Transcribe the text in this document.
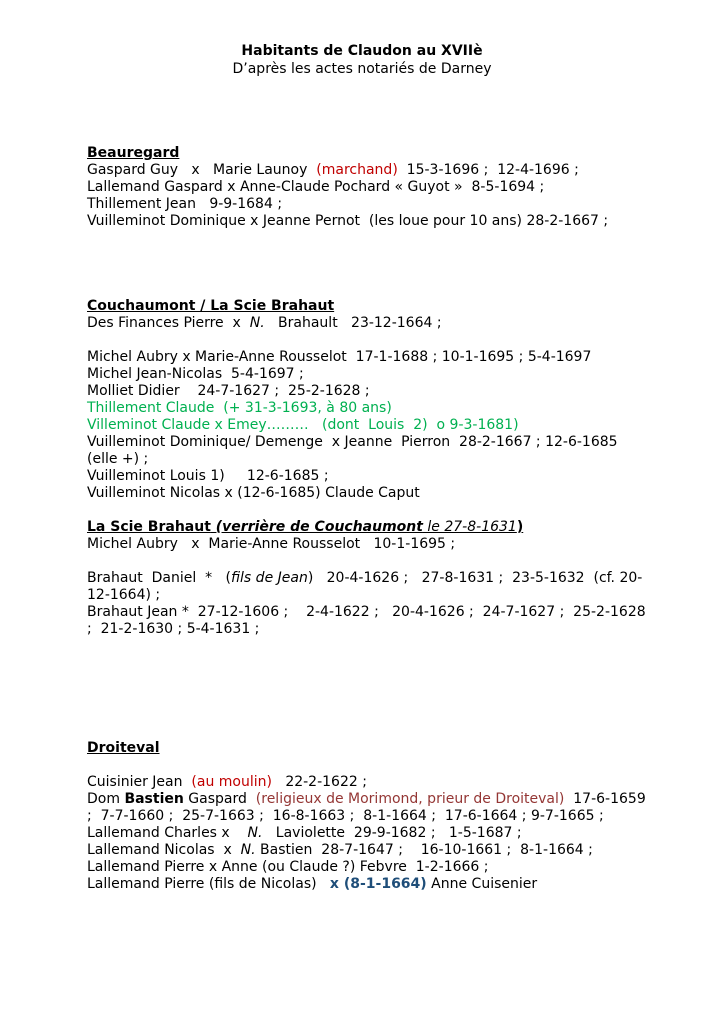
Habitants de Claudon au XVIIè
D’après les actes notariés de Darney

Beauregard

Gaspard Guy   x   Marie Launoy  (marchand)  15-3-1696 ;  12-4-1696 ;

Lallemand Gaspard x Anne-Claude Pochard « Guyot »  8-5-1694 ;

Thillement Jean   9-9-1684 ;

Vuilleminot Dominique x Jeanne Pernot  (les loue pour 10 ans) 28-2-1667 ;

Couchaumont / La Scie Brahaut

Des Finances Pierre  x  N.   Brahault   23-12-1664 ;

Michel Aubry x Marie-Anne Rousselot  17-1-1688 ; 10-1-1695 ; 5-4-1697

Michel Jean-Nicolas  5-4-1697 ;

Molliet Didier    24-7-1627 ;  25-2-1628 ;

Thillement Claude  (+ 31-3-1693, à 80 ans)

Villeminot Claude x Emey………   (dont  Louis  2)  o 9-3-1681)

Vuilleminot Dominique/ Demenge  x Jeanne  Pierron  28-2-1667 ; 12-6-1685 (elle +) ;

Vuilleminot Louis 1)     12-6-1685 ;

Vuilleminot Nicolas x (12-6-1685) Claude Caput

La Scie Brahaut (verrière de Couchaumont le 27-8-1631)

Michel Aubry   x  Marie-Anne Rousselot   10-1-1695 ;

Brahaut  Daniel  *   (fils de Jean)   20-4-1626 ;   27-8-1631 ;  23-5-1632  (cf. 20-12-1664) ;

Brahaut Jean *  27-12-1606 ;    2-4-1622 ;   20-4-1626 ;  24-7-1627 ;  25-2-1628 ;  21-2-1630 ; 5-4-1631 ;

Droiteval

Cuisinier Jean  (au moulin)   22-2-1622 ;

Dom Bastien Gaspard  (religieux de Morimond, prieur de Droiteval)  17-6-1659 ;  7-7-1660 ;  25-7-1663 ;  16-8-1663 ;  8-1-1664 ;  17-6-1664 ; 9-7-1665 ;

Lallemand Charles x    N.   Laviolette  29-9-1682 ;   1-5-1687 ;

Lallemand Nicolas  x  N. Bastien  28-7-1647 ;    16-10-1661 ;  8-1-1664 ;

Lallemand Pierre x Anne (ou Claude ?) Febvre  1-2-1666 ;

Lallemand Pierre (fils de Nicolas)   x (8-1-1664) Anne Cuisenier
